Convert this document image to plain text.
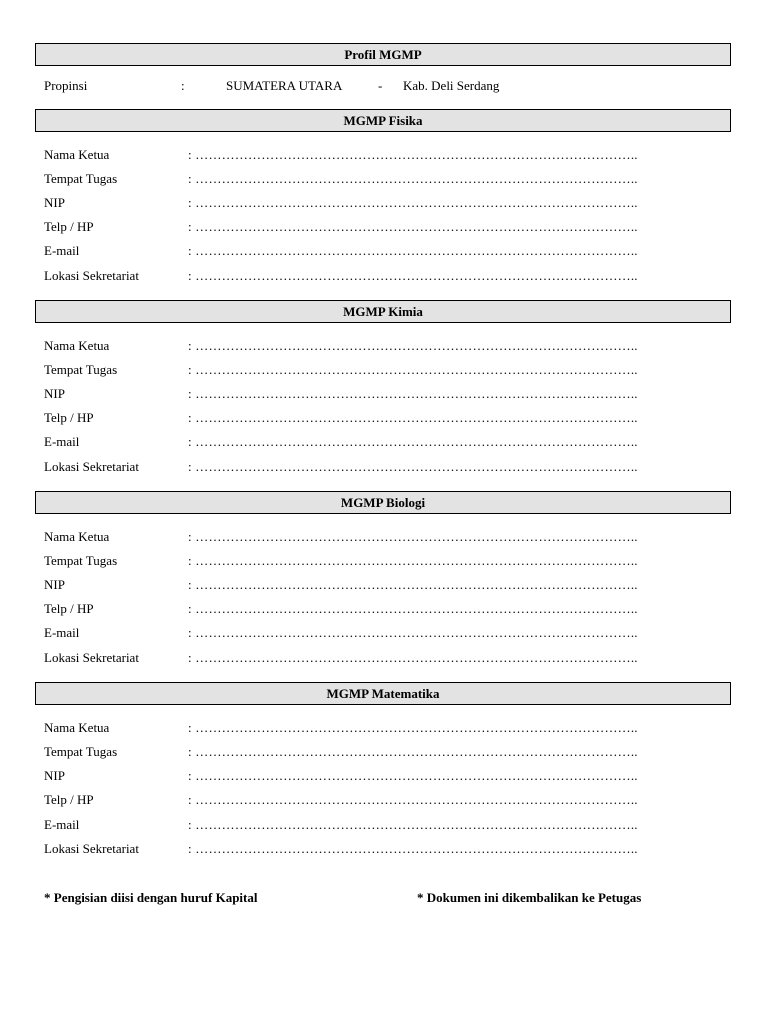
Profil MGMP
Propinsi	:	SUMATERA UTARA	- Kab. Deli Serdang
MGMP Fisika
Nama Ketua	: ………………………………………………………………………………………..
Tempat Tugas	: ………………………………………………………………………………………..
NIP	: ………………………………………………………………………………………..
Telp / HP	: ………………………………………………………………………………………..
E-mail	: ………………………………………………………………………………………..
Lokasi Sekretariat	: ………………………………………………………………………………………..
MGMP Kimia
Nama Ketua	: ………………………………………………………………………………………..
Tempat Tugas	: ………………………………………………………………………………………..
NIP	: ………………………………………………………………………………………..
Telp / HP	: ………………………………………………………………………………………..
E-mail	: ………………………………………………………………………………………..
Lokasi Sekretariat	: ………………………………………………………………………………………..
MGMP Biologi
Nama Ketua	: ………………………………………………………………………………………..
Tempat Tugas	: ………………………………………………………………………………………..
NIP	: ………………………………………………………………………………………..
Telp / HP	: ………………………………………………………………………………………..
E-mail	: ………………………………………………………………………………………..
Lokasi Sekretariat	: ………………………………………………………………………………………..
MGMP Matematika
Nama Ketua	: ………………………………………………………………………………………..
Tempat Tugas	: ………………………………………………………………………………………..
NIP	: ………………………………………………………………………………………..
Telp / HP	: ………………………………………………………………………………………..
E-mail	: ………………………………………………………………………………………..
Lokasi Sekretariat	: ………………………………………………………………………………………..
* Pengisian diisi dengan huruf Kapital	* Dokumen ini dikembalikan ke Petugas
